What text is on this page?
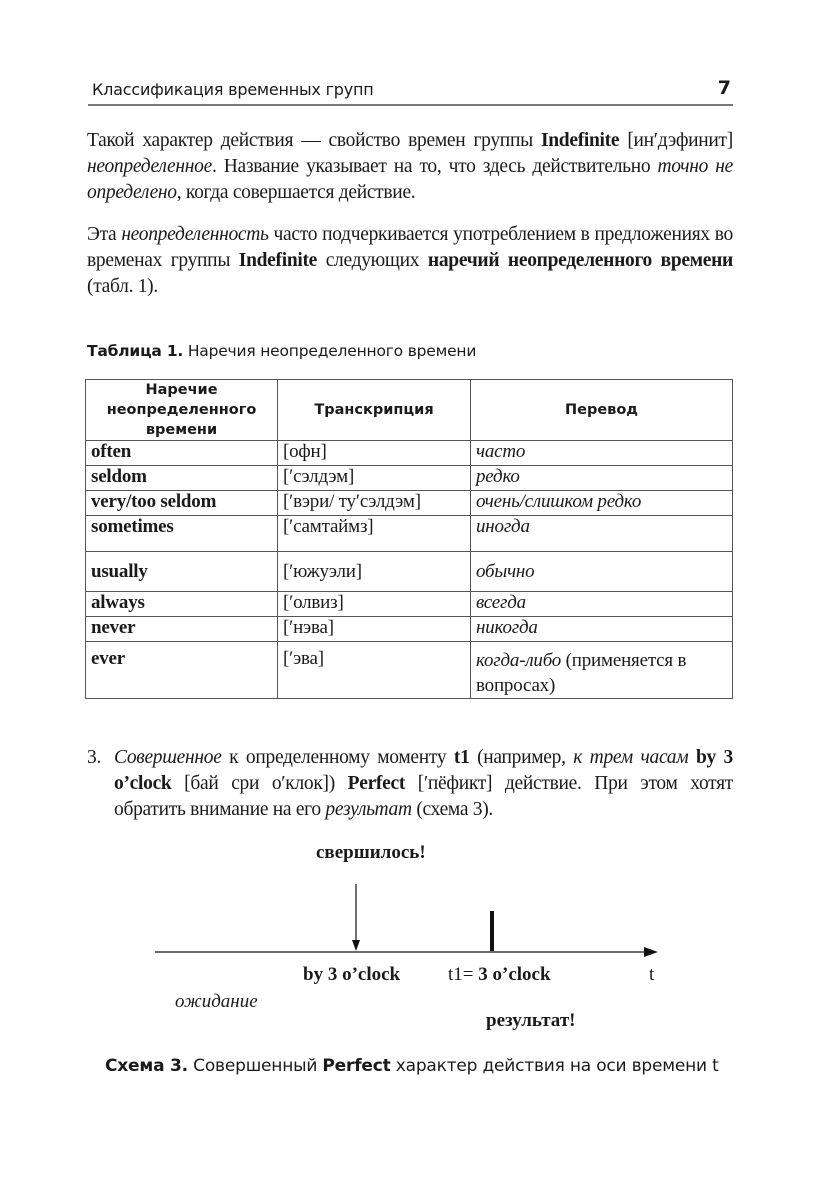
Классификация временных групп	7
Такой характер действия — свойство времен группы Indefinite [ин′дэфинит] неопределенное. Название указывает на то, что здесь действительно точно не определено, когда совершается действие.
Эта неопределенность часто подчеркивается употреблением в предложениях во временах группы Indefinite следующих наречий неопределенного времени (табл. 1).
Таблица 1. Наречия неопределенного времени
Наречие неопределенного времени	Транскрипция	Перевод
often	[офн]	часто
seldom	[′сэлдэм]	редко
very/too seldom	[′вэри/ ту′сэлдэм]	очень/слишком редко
sometimes	[′самтаймз]	иногда
usually	[′южуэли]	обычно
always	[′олвиз]	всегда
never	[′нэва]	никогда
ever	[′эва]	когда-либо (применяется в вопросах)
3. Совершенное к определенному моменту t1 (например, к трем часам by 3 o’clock [бай сри о′клок]) Perfect [′пёфикт] действие. При этом хотят обратить внимание на его результат (схема 3).
свершилось!
by 3 o’clock	t1= 3 o’clock	t
ожидание
результат!
Схема 3. Совершенный Perfect характер действия на оси времени t
